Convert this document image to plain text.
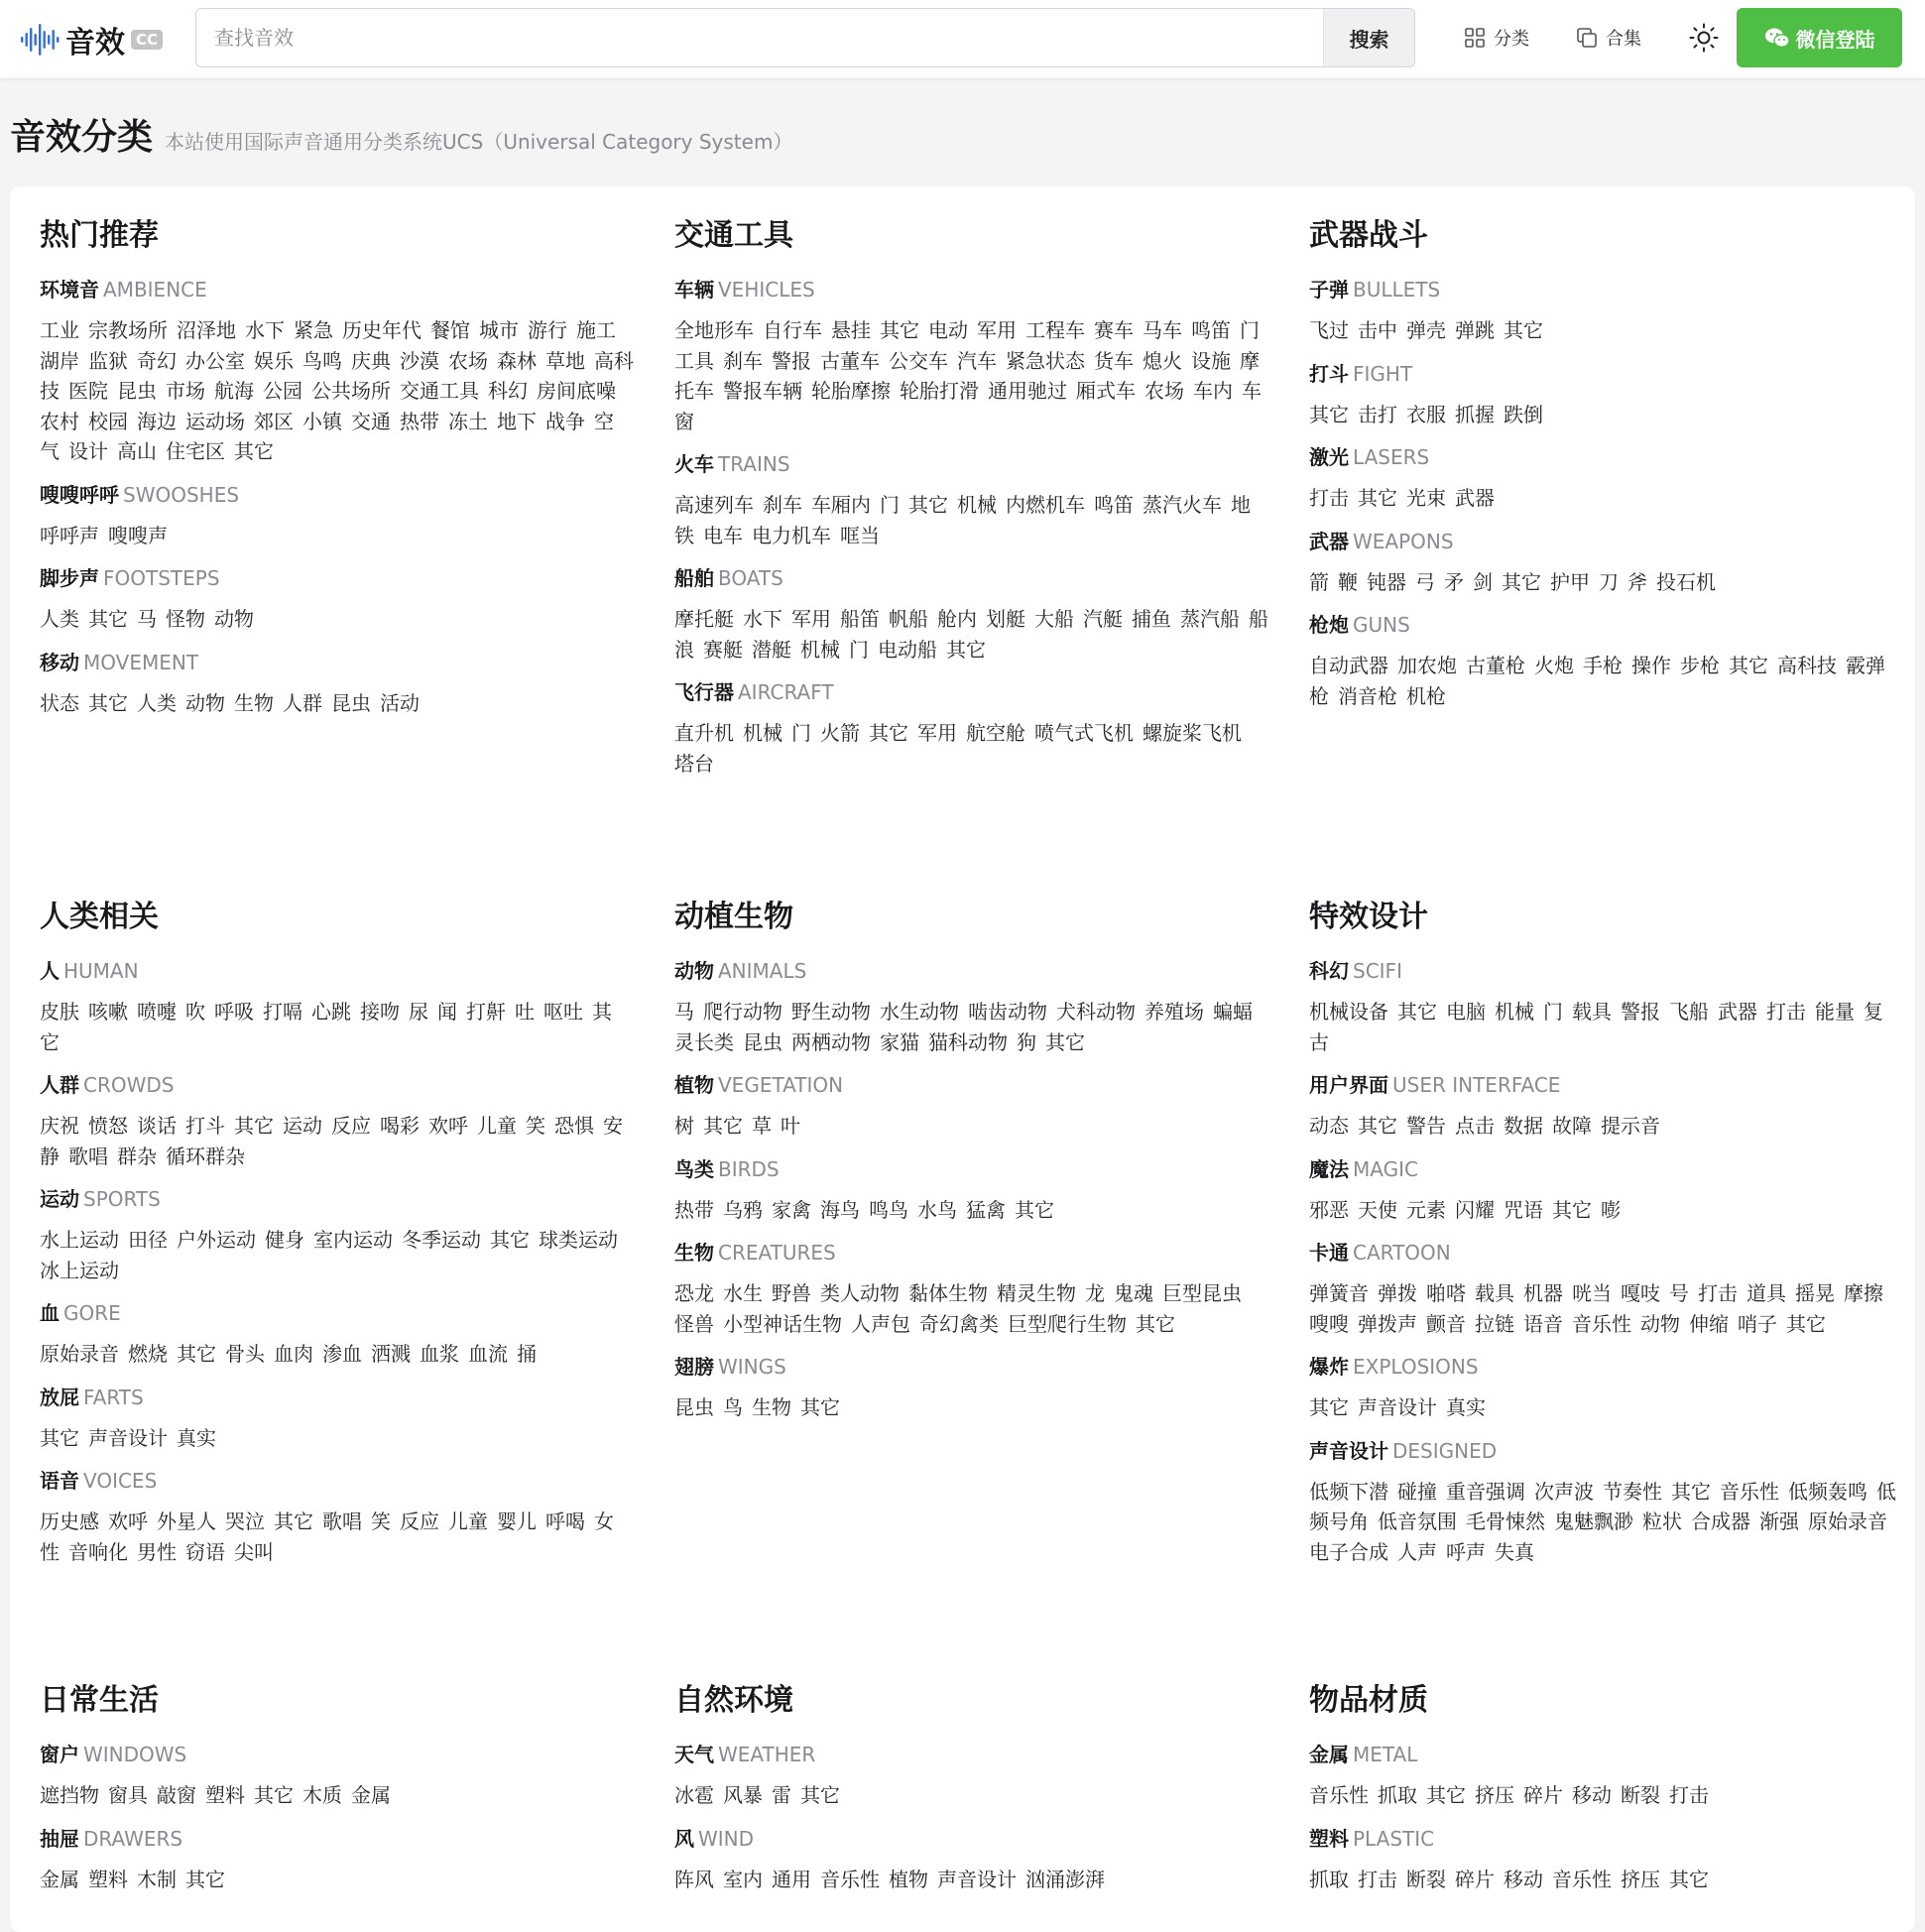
音效 CC
查找音效	搜索	分类	合集	微信登陆
音效分类 本站使用国际声音通用分类系统UCS（Universal Category System）
热门推荐
环境音 AMBIENCE
工业 宗教场所 沼泽地 水下 紧急 历史年代 餐馆 城市 游行 施工湖岸 监狱 奇幻 办公室 娱乐 鸟鸣 庆典 沙漠 农场 森林 草地 高科技 医院 昆虫 市场 航海 公园 公共场所 交通工具 科幻 房间底噪农村 校园 海边 运动场 郊区 小镇 交通 热带 冻土 地下 战争 空气 设计 高山 住宅区 其它
嗖嗖呼呼 SWOOSHES
呼呼声 嗖嗖声
脚步声 FOOTSTEPS
人类 其它 马 怪物 动物
移动 MOVEMENT
状态 其它 人类 动物 生物 人群 昆虫 活动
交通工具
车辆 VEHICLES
全地形车 自行车 悬挂 其它 电动 军用 工程车 赛车 马车 鸣笛 门工具 刹车 警报 古董车 公交车 汽车 紧急状态 货车 熄火 设施 摩托车 警报车辆 轮胎摩擦 轮胎打滑 通用驰过 厢式车 农场 车内 车窗
火车 TRAINS
高速列车 刹车 车厢内 门 其它 机械 内燃机车 鸣笛 蒸汽火车 地铁 电车 电力机车 哐当
船舶 BOATS
摩托艇 水下 军用 船笛 帆船 舱内 划艇 大船 汽艇 捕鱼 蒸汽船 船浪 赛艇 潜艇 机械 门 电动船 其它
飞行器 AIRCRAFT
直升机 机械 门 火箭 其它 军用 航空舱 喷气式飞机 螺旋桨飞机塔台
武器战斗
子弹 BULLETS
飞过 击中 弹壳 弹跳 其它
打斗 FIGHT
其它 击打 衣服 抓握 跌倒
激光 LASERS
打击 其它 光束 武器
武器 WEAPONS
箭 鞭 钝器 弓 矛 剑 其它 护甲 刀 斧 投石机
枪炮 GUNS
自动武器 加农炮 古董枪 火炮 手枪 操作 步枪 其它 高科技 霰弹枪 消音枪 机枪
人类相关
人 HUMAN
皮肤 咳嗽 喷嚏 吹 呼吸 打嗝 心跳 接吻 尿 闻 打鼾 吐 呕吐 其它
人群 CROWDS
庆祝 愤怒 谈话 打斗 其它 运动 反应 喝彩 欢呼 儿童 笑 恐惧 安静 歌唱 群杂 循环群杂
运动 SPORTS
水上运动 田径 户外运动 健身 室内运动 冬季运动 其它 球类运动冰上运动
血 GORE
原始录音 燃烧 其它 骨头 血肉 渗血 洒溅 血浆 血流 捅
放屁 FARTS
其它 声音设计 真实
语音 VOICES
历史感 欢呼 外星人 哭泣 其它 歌唱 笑 反应 儿童 婴儿 呼喝 女性 音响化 男性 窃语 尖叫
动植生物
动物 ANIMALS
马 爬行动物 野生动物 水生动物 啮齿动物 犬科动物 养殖场 蝙蝠灵长类 昆虫 两栖动物 家猫 猫科动物 狗 其它
植物 VEGETATION
树 其它 草 叶
鸟类 BIRDS
热带 乌鸦 家禽 海鸟 鸣鸟 水鸟 猛禽 其它
生物 CREATURES
恐龙 水生 野兽 类人动物 黏体生物 精灵生物 龙 鬼魂 巨型昆虫怪兽 小型神话生物 人声包 奇幻禽类 巨型爬行生物 其它
翅膀 WINGS
昆虫 鸟 生物 其它
特效设计
科幻 SCIFI
机械设备 其它 电脑 机械 门 载具 警报 飞船 武器 打击 能量 复古
用户界面 USER INTERFACE
动态 其它 警告 点击 数据 故障 提示音
魔法 MAGIC
邪恶 天使 元素 闪耀 咒语 其它 嘭
卡通 CARTOON
弹簧音 弹拨 啪嗒 载具 机器 咣当 嘎吱 号 打击 道具 摇晃 摩擦嗖嗖 弹拨声 颤音 拉链 语音 音乐性 动物 伸缩 哨子 其它
爆炸 EXPLOSIONS
其它 声音设计 真实
声音设计 DESIGNED
低频下潜 碰撞 重音强调 次声波 节奏性 其它 音乐性 低频轰鸣 低频号角 低音氛围 毛骨悚然 鬼魅飘渺 粒状 合成器 渐强 原始录音电子合成 人声 呼声 失真
日常生活
窗户 WINDOWS
遮挡物 窗具 敲窗 塑料 其它 木质 金属
抽屉 DRAWERS
金属 塑料 木制 其它
自然环境
天气 WEATHER
冰雹 风暴 雷 其它
风 WIND
阵风 室内 通用 音乐性 植物 声音设计 汹涌澎湃
物品材质
金属 METAL
音乐性 抓取 其它 挤压 碎片 移动 断裂 打击
塑料 PLASTIC
抓取 打击 断裂 碎片 移动 音乐性 挤压 其它
